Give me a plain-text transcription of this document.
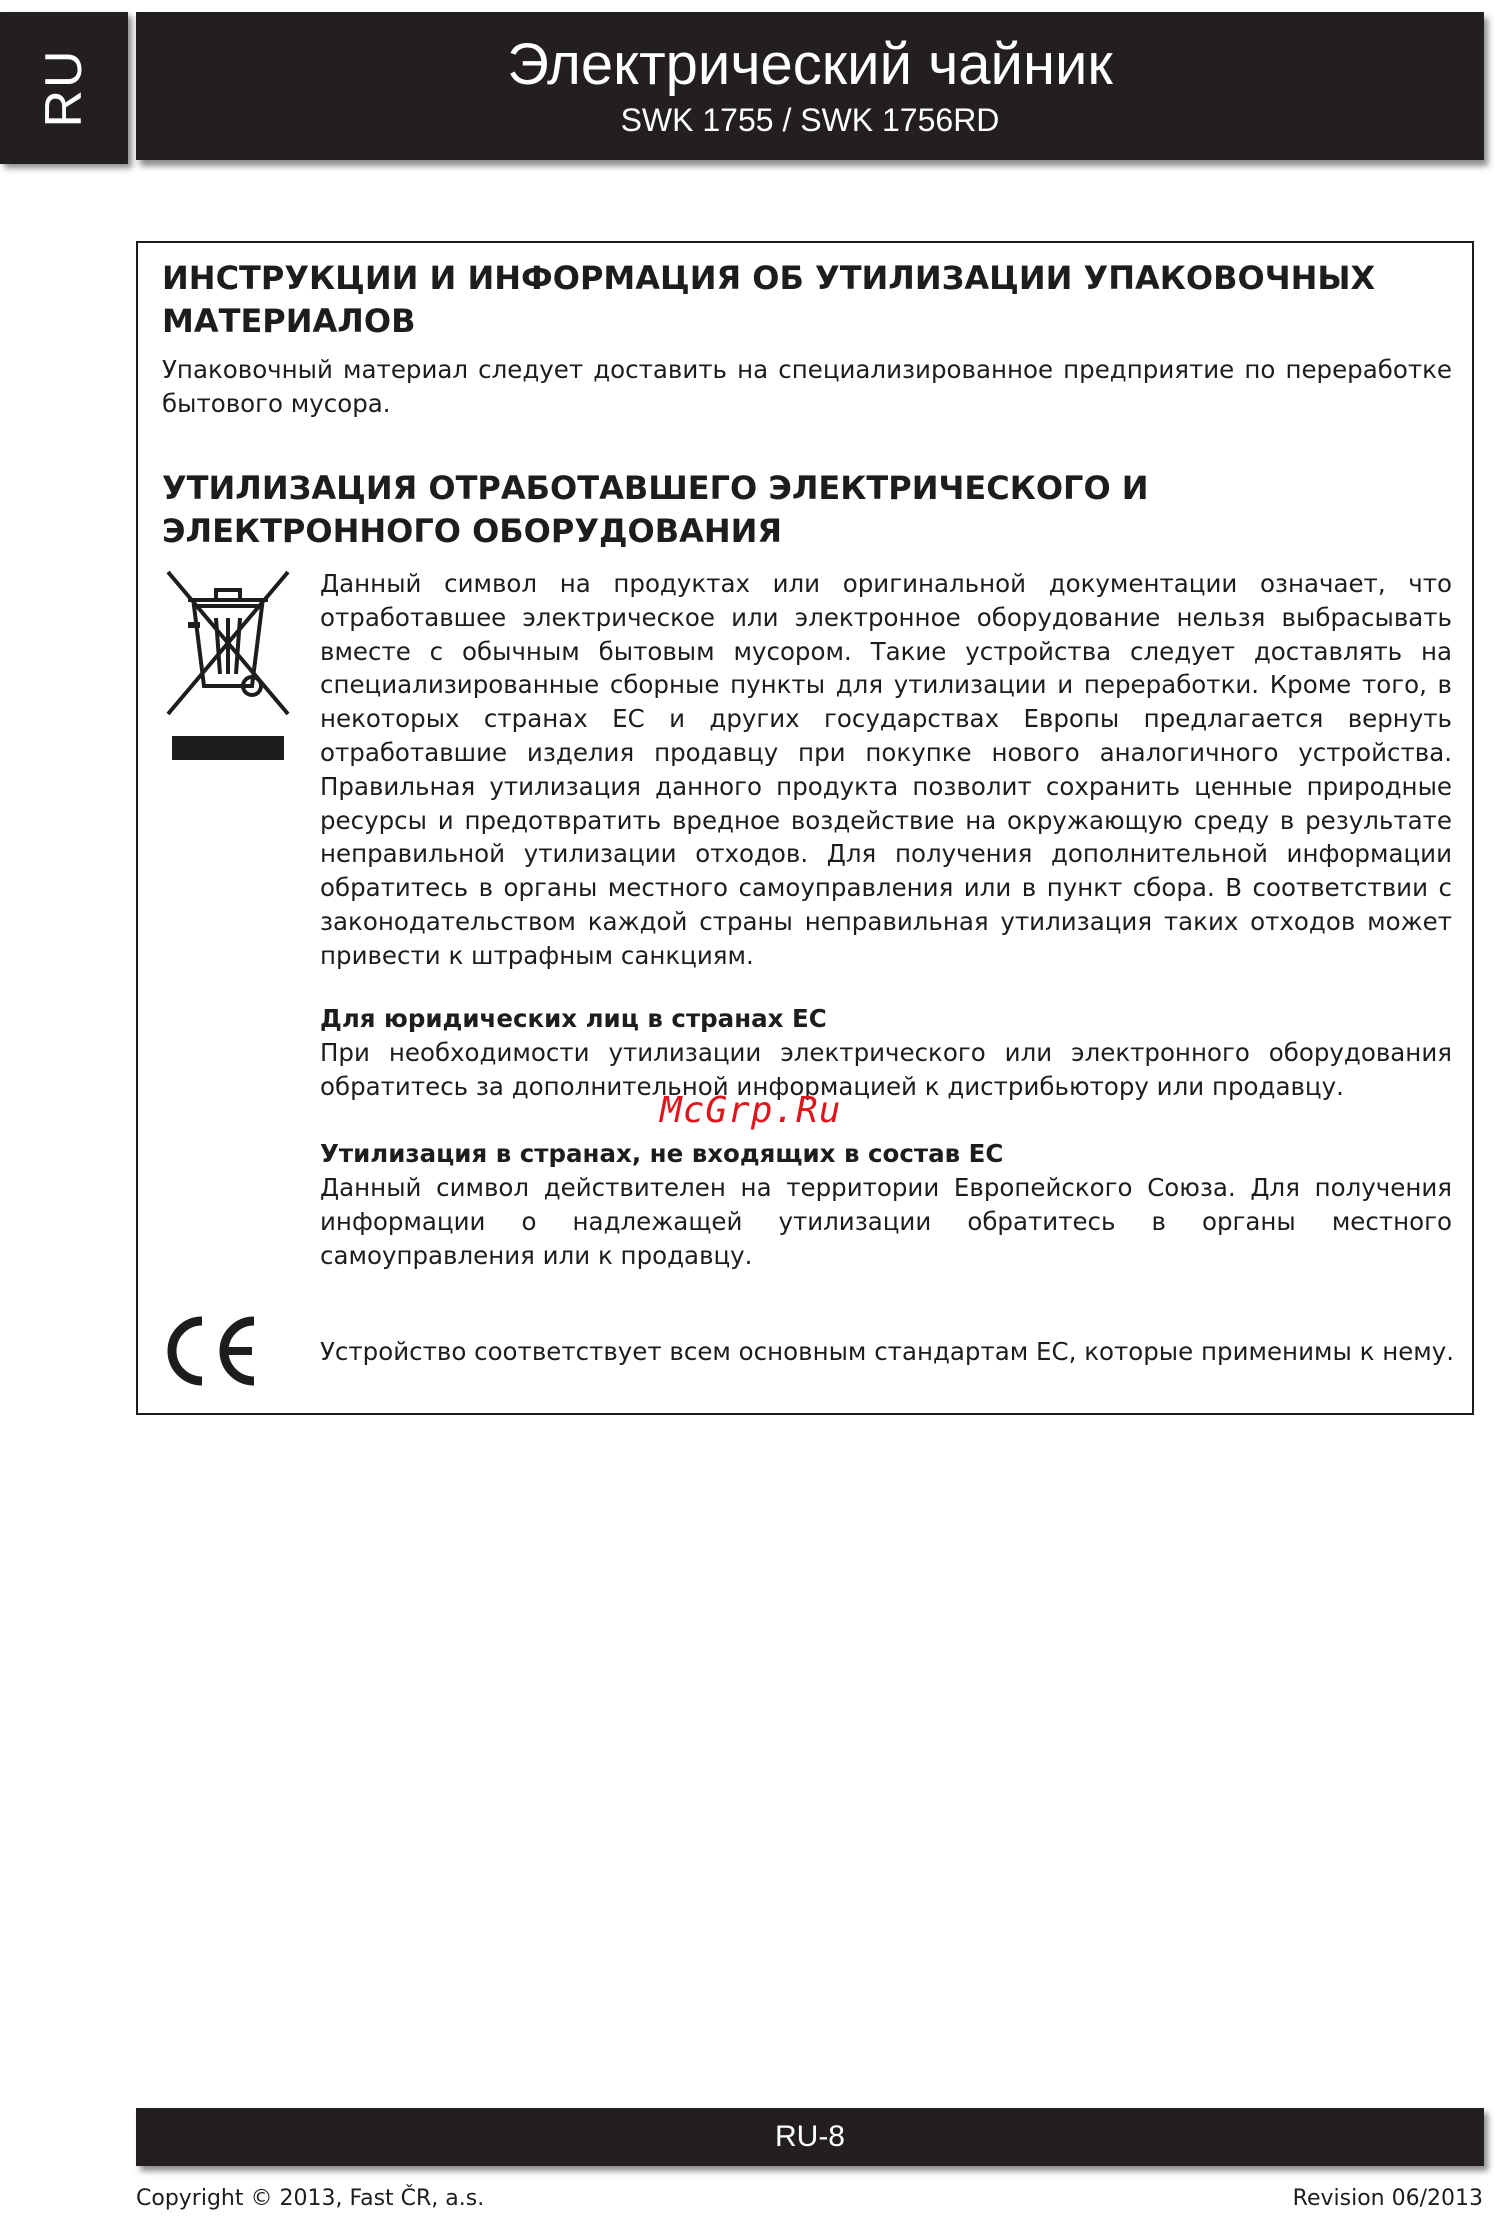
RU	Электрический чайник
SWK 1755 / SWK 1756RD
ИНСТРУКЦИИ И ИНФОРМАЦИЯ ОБ УТИЛИЗАЦИИ УПАКОВОЧНЫХ МАТЕРИАЛОВ

Упаковочный материал следует доставить на специализированное предприятие по переработке бытового мусора.

УТИЛИЗАЦИЯ ОТРАБОТАВШЕГО ЭЛЕКТРИЧЕСКОГО И ЭЛЕКТРОННОГО ОБОРУДОВАНИЯ

Данный символ на продуктах или оригинальной документации означает, что отработавшее электрическое или электронное оборудование нельзя выбрасывать вместе с обычным бытовым мусором. Такие устройства следует доставлять на специализированные сборные пункты для утилизации и переработки. Кроме того, в некоторых странах ЕС и других государствах Европы предлагается вернуть отработавшие изделия продавцу при покупке нового аналогичного устройства. Правильная утилизация данного продукта позволит сохранить ценные природные ресурсы и предотвратить вредное воздействие на окружающую среду в результате неправильной утилизации отходов. Для получения дополнительной информации обратитесь в органы местного самоуправления или в пункт сбора. В соответствии с законодательством каждой страны неправильная утилизация таких отходов может привести к штрафным санкциям.

Для юридических лиц в странах ЕС

При необходимости утилизации электрического или электронного оборудования обратитесь за дополнительной информацией к дистрибьютору или продавцу.

Утилизация в странах, не входящих в состав ЕС

Данный символ действителен на территории Европейского Союза. Для получения информации о надлежащей утилизации обратитесь в органы местного самоуправления или к продавцу.

Устройство соответствует всем основным стандартам ЕС, которые применимы к нему.

McGrp.Ru
RU-8
Copyright © 2013, Fast ČR, a.s.	Revision 06/2013
